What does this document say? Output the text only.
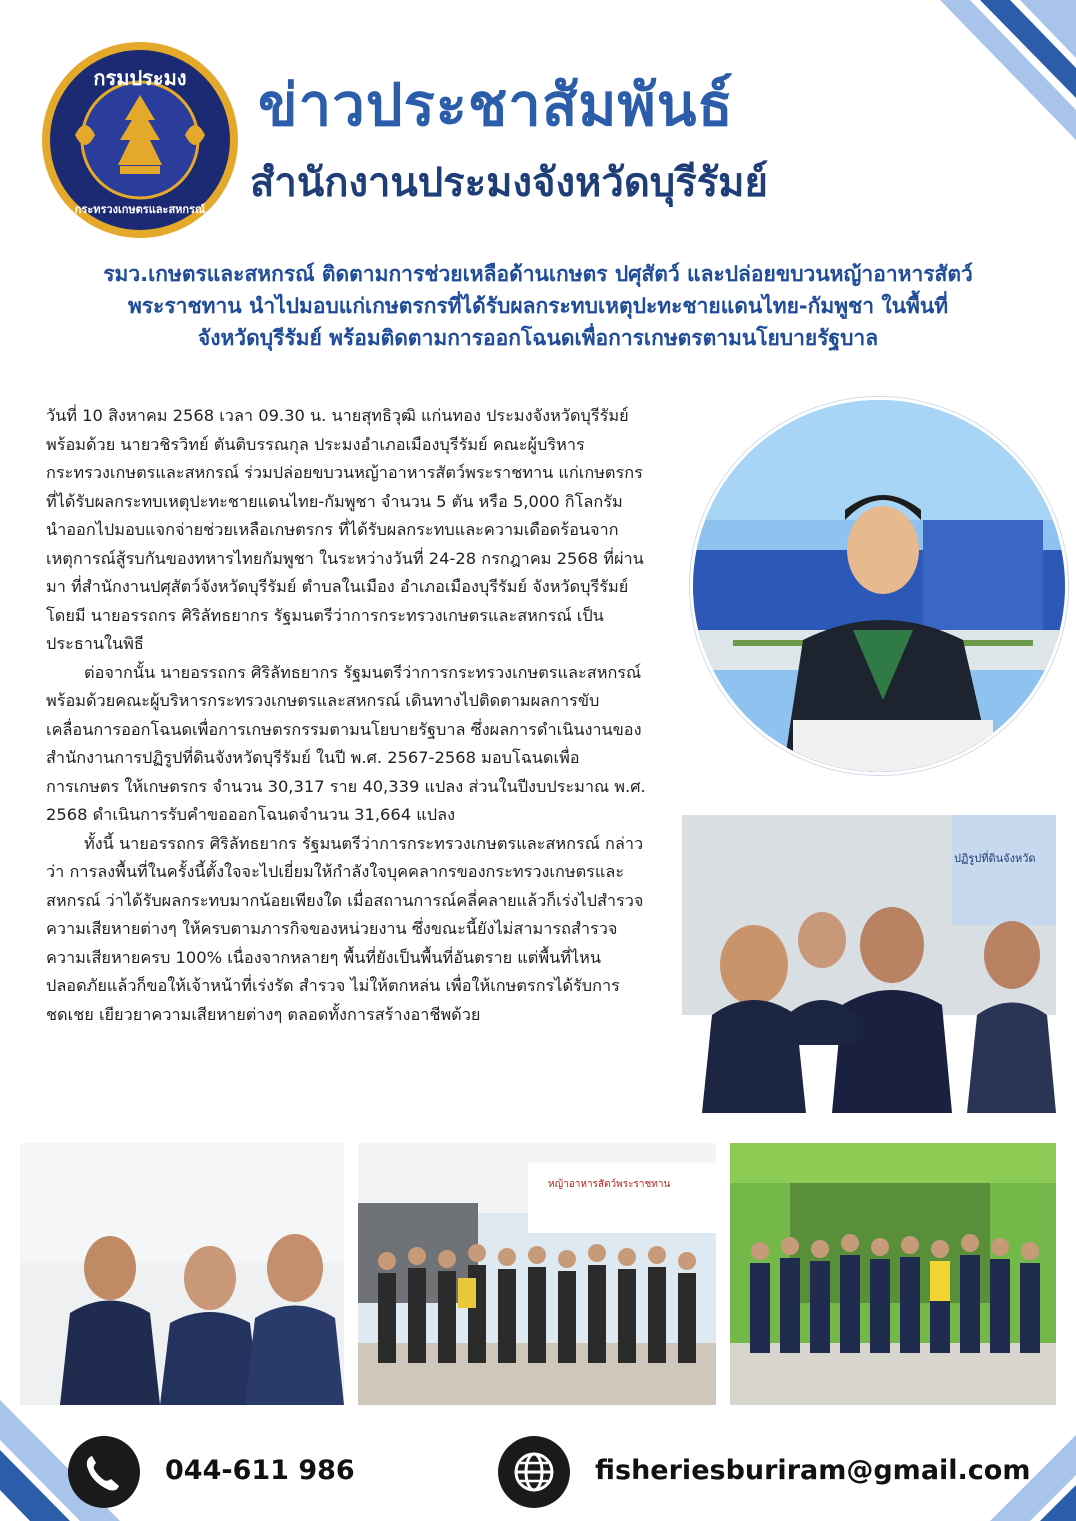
กรมประมง
กระทรวงเกษตรและสหกรณ์
ข่าวประชาสัมพันธ์
สำนักงานประมงจังหวัดบุรีรัมย์
รมว.เกษตรและสหกรณ์ ติดตามการช่วยเหลือด้านเกษตร ปศุสัตว์ และปล่อยขบวนหญ้าอาหารสัตว์
พระราชทาน นำไปมอบแก่เกษตรกรที่ได้รับผลกระทบเหตุปะทะชายแดนไทย-กัมพูชา ในพื้นที่
จังหวัดบุรีรัมย์ พร้อมติดตามการออกโฉนดเพื่อการเกษตรตามนโยบายรัฐบาล

วันที่ 10 สิงหาคม 2568 เวลา 09.30 น. นายสุทธิวุฒิ แก่นทอง ประมงจังหวัดบุรีรัมย์ พร้อมด้วย นายวชิรวิทย์ ตันติบรรณกุล ประมงอำเภอเมืองบุรีรัมย์ คณะผู้บริหารกระทรวงเกษตรและสหกรณ์ ร่วมปล่อยขบวนหญ้าอาหารสัตว์พระราชทาน แก่เกษตรกรที่ได้รับผลกระทบเหตุปะทะชายแดนไทย-กัมพูชา จำนวน 5 ตัน หรือ 5,000 กิโลกรัม นำออกไปมอบแจกจ่ายช่วยเหลือเกษตรกร ที่ได้รับผลกระทบและความเดือดร้อนจากเหตุการณ์สู้รบกันของทหารไทยกัมพูชา ในระหว่างวันที่ 24-28 กรกฎาคม 2568 ที่ผ่านมา ที่สำนักงานปศุสัตว์จังหวัดบุรีรัมย์ ตำบลในเมือง อำเภอเมืองบุรีรัมย์ จังหวัดบุรีรัมย์ โดยมี นายอรรถกร ศิริลัทธยากร รัฐมนตรีว่าการกระทรวงเกษตรและสหกรณ์ เป็นประธานในพิธี

ต่อจากนั้น นายอรรถกร ศิริลัทธยากร รัฐมนตรีว่าการกระทรวงเกษตรและสหกรณ์ พร้อมด้วยคณะผู้บริหารกระทรวงเกษตรและสหกรณ์ เดินทางไปติดตามผลการขับเคลื่อนการออกโฉนดเพื่อการเกษตรกรรมตามนโยบายรัฐบาล ซึ่งผลการดำเนินงานของสำนักงานการปฏิรูปที่ดินจังหวัดบุรีรัมย์ ในปี พ.ศ. 2567-2568 มอบโฉนดเพื่อการเกษตร ให้เกษตรกร จำนวน 30,317 ราย 40,339 แปลง ส่วนในปีงบประมาณ พ.ศ. 2568 ดำเนินการรับคำขอออกโฉนดจำนวน 31,664 แปลง

ทั้งนี้ นายอรรถกร ศิริลัทธยากร รัฐมนตรีว่าการกระทรวงเกษตรและสหกรณ์ กล่าวว่า การลงพื้นที่ในครั้งนี้ตั้งใจจะไปเยี่ยมให้กำลังใจบุคคลากรของกระทรวงเกษตรและสหกรณ์ ว่าได้รับผลกระทบมากน้อยเพียงใด เมื่อสถานการณ์คลี่คลายแล้วก็เร่งไปสำรวจความเสียหายต่างๆ ให้ครบตามภารกิจของหน่วยงาน ซึ่งขณะนี้ยังไม่สามารถสำรวจความเสียหายครบ 100% เนื่องจากหลายๆ พื้นที่ยังเป็นพื้นที่อันตราย แต่พื้นที่ไหนปลอดภัยแล้วก็ขอให้เจ้าหน้าที่เร่งรัด สำรวจ ไม่ให้ตกหล่น เพื่อให้เกษตรกรได้รับการชดเชย เยียวยาความเสียหายต่างๆ ตลอดทั้งการสร้างอาชีพด้วย

ปฏิรูปที่ดินจังหวัด
หญ้าอาหารสัตว์พระราชทาน
044-611 986	fisheriesburiram@gmail.com
